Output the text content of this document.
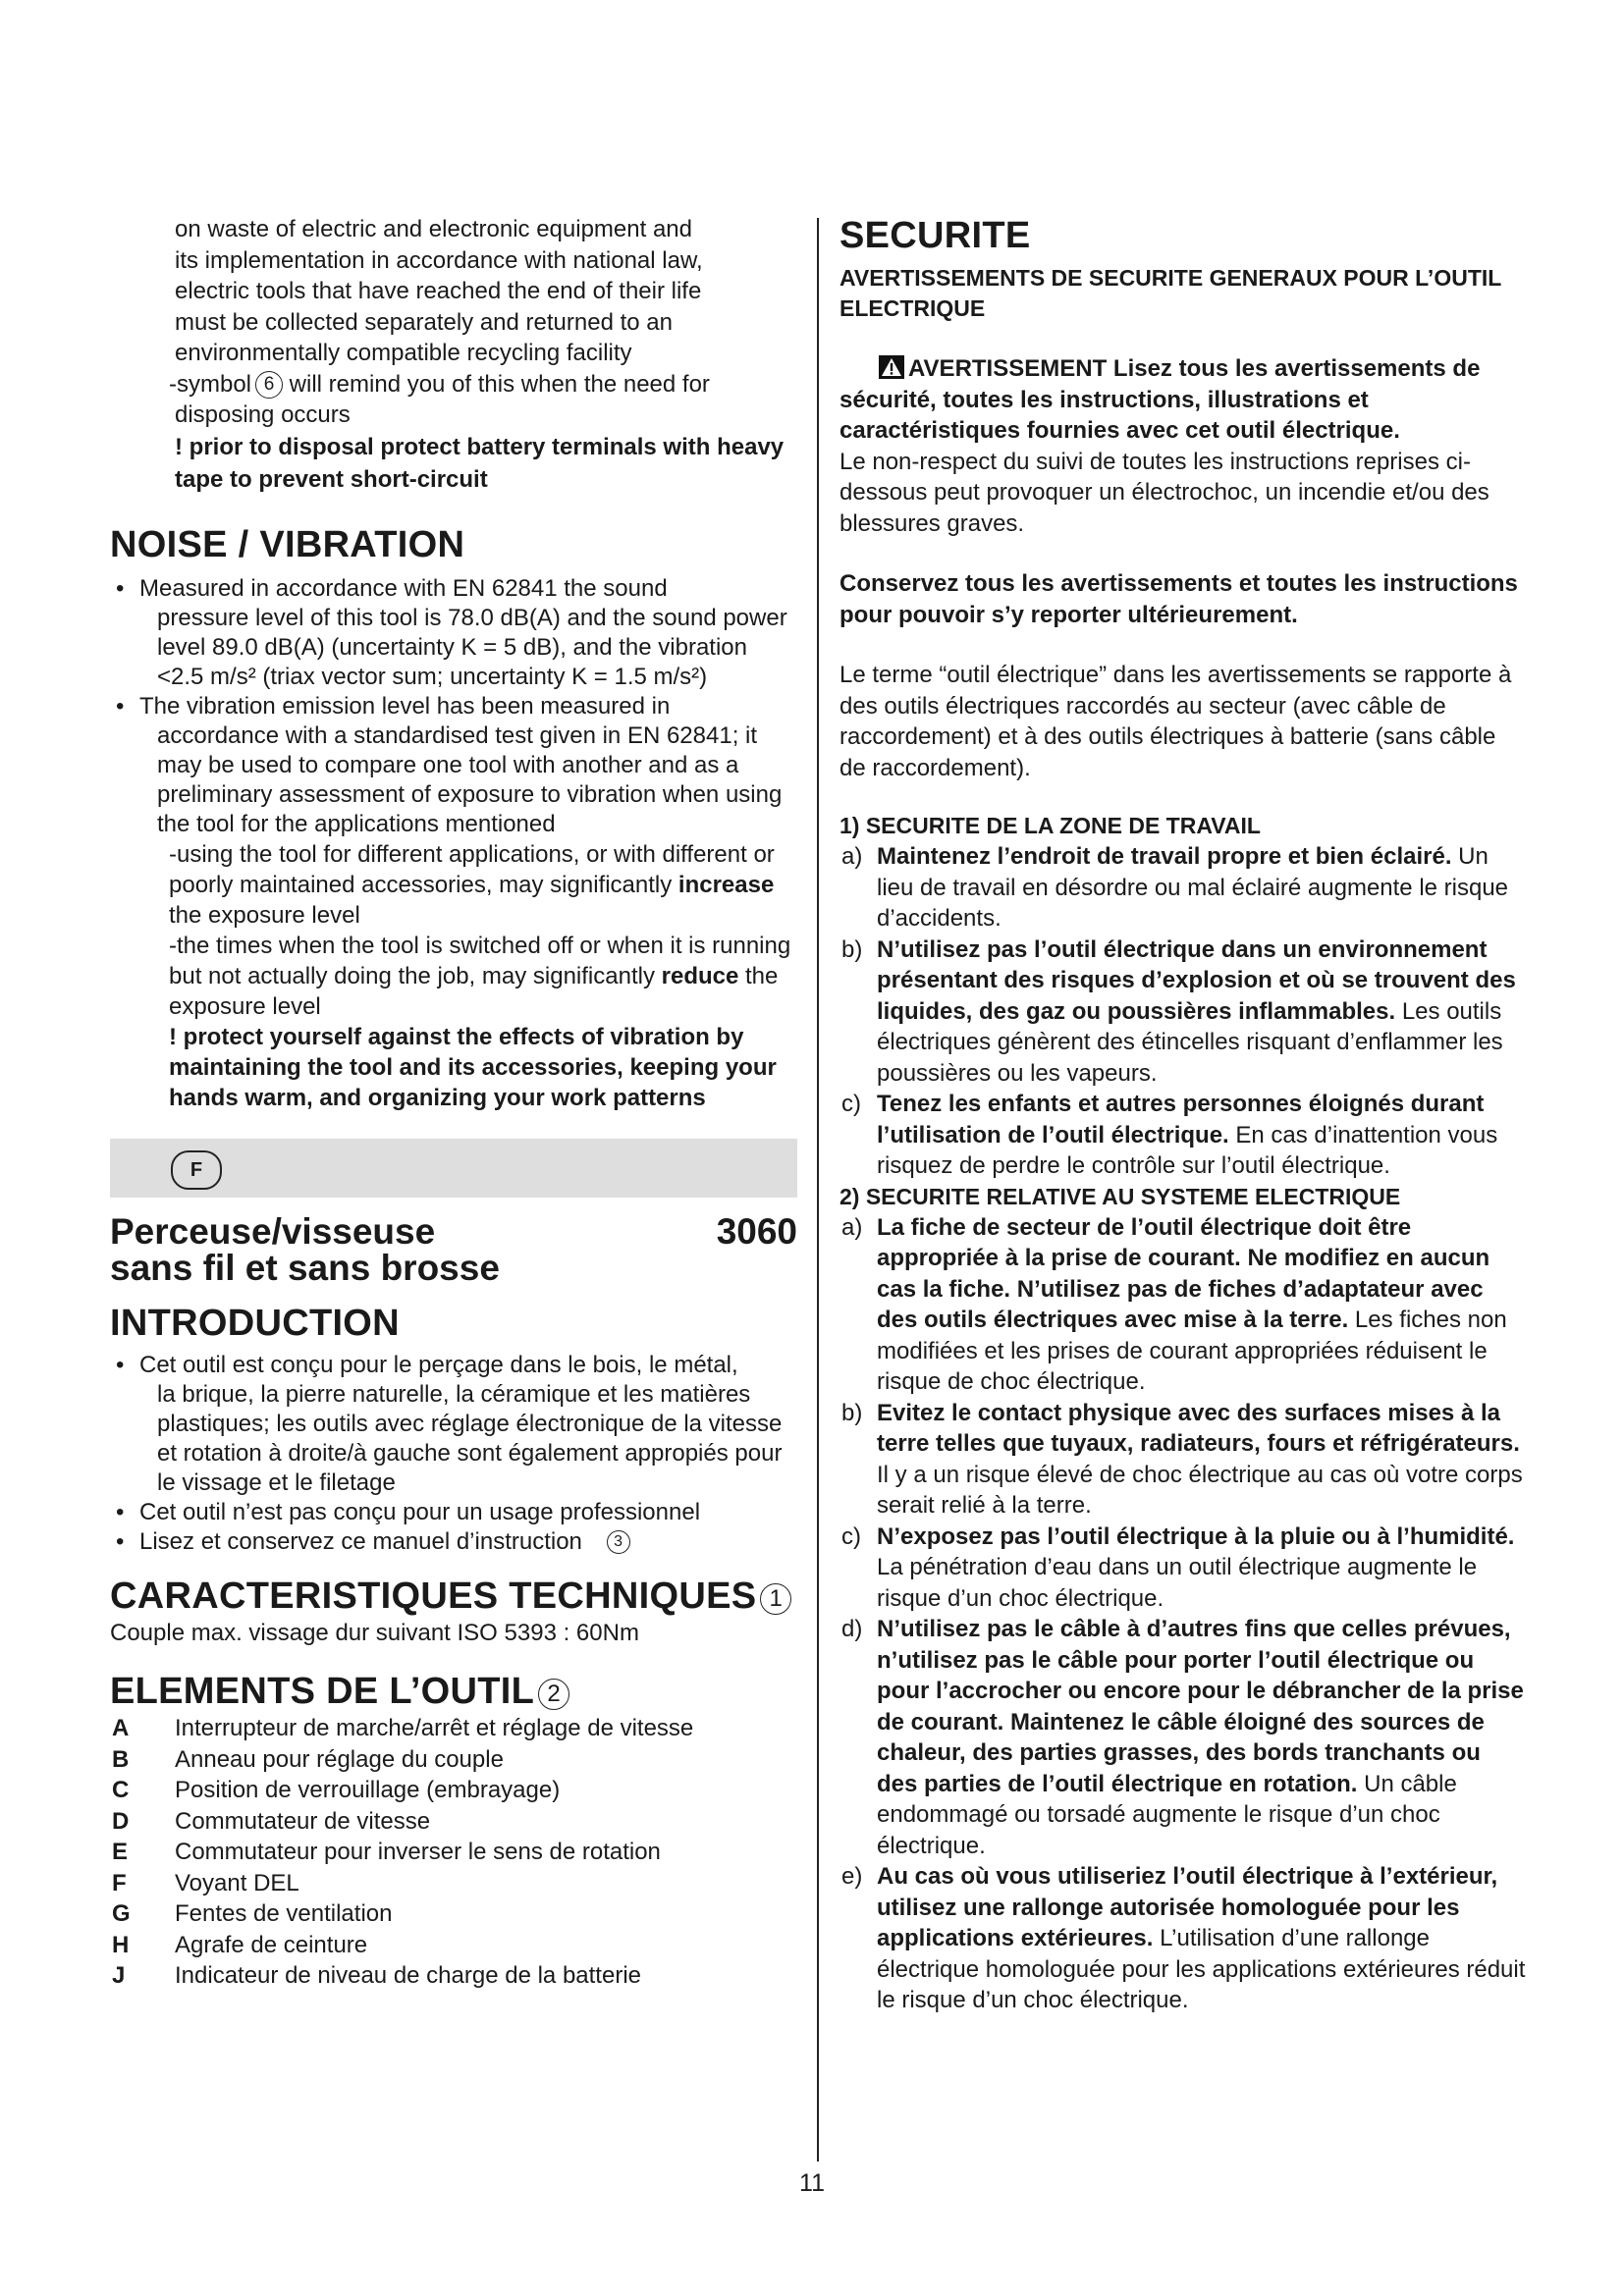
on waste of electric and electronic equipment and

its implementation in accordance with national law,

electric tools that have reached the end of their life

must be collected separately and returned to an

environmentally compatible recycling facility

-symbol 6 will remind you of this when the need for

disposing occurs

! prior to disposal protect battery terminals with heavy tape to prevent short-circuit

NOISE / VIBRATION
• Measured in accordance with EN 62841 the sound
pressure level of this tool is 78.0 dB(A) and the sound power level 89.0 dB(A) (uncertainty K = 5 dB), and the vibration <2.5 m/s² (triax vector sum; uncertainty K = 1.5 m/s²)
• The vibration emission level has been measured in
accordance with a standardised test given in EN 62841; it may be used to compare one tool with another and as a preliminary assessment of exposure to vibration when using the tool for the applications mentioned
-using the tool for different applications, or with different or poorly maintained accessories, may significantly increase the exposure level
-the times when the tool is switched off or when it is running but not actually doing the job, may significantly reduce the exposure level
! protect yourself against the effects of vibration by maintaining the tool and its accessories, keeping your hands warm, and organizing your work patterns
F
Perceuse/visseuse sans fil et sans brosse
3060
INTRODUCTION
• Cet outil est conçu pour le perçage dans le bois, le métal,
la brique, la pierre naturelle, la céramique et les matières plastiques; les outils avec réglage électronique de la vitesse et rotation à droite/à gauche sont également appropiés pour le vissage et le filetage
• Cet outil n’est pas conçu pour un usage professionnel
• Lisez et conservez ce manuel d’instruction 3
CARACTERISTIQUES TECHNIQUES 1

Couple max. vissage dur suivant ISO 5393 : 60Nm

ELEMENTS DE L’OUTIL 2
A	Interrupteur de marche/arrêt et réglage de vitesse
B	Anneau pour réglage du couple
C	Position de verrouillage (embrayage)
D	Commutateur de vitesse
E	Commutateur pour inverser le sens de rotation
F	Voyant DEL
G	Fentes de ventilation
H	Agrafe de ceinture
J	Indicateur de niveau de charge de la batterie
SECURITE
AVERTISSEMENTS DE SECURITE GENERAUX POUR L’OUTIL ELECTRIQUE

AVERTISSEMENT Lisez tous les avertissements de sécurité, toutes les instructions, illustrations et caractéristiques fournies avec cet outil électrique.

Le non-respect du suivi de toutes les instructions reprises ci-dessous peut provoquer un électrochoc, un incendie et/ou des blessures graves.

Conservez tous les avertissements et toutes les instructions pour pouvoir s’y reporter ultérieurement.

Le terme “outil électrique” dans les avertissements se rapporte à des outils électriques raccordés au secteur (avec câble de raccordement) et à des outils électriques à batterie (sans câble de raccordement).

1) SECURITE DE LA ZONE DE TRAVAIL

a) Maintenez l’endroit de travail propre et bien éclairé. Un lieu de travail en désordre ou mal éclairé augmente le risque d’accidents.
b) N’utilisez pas l’outil électrique dans un environnement présentant des risques d’explosion et où se trouvent des liquides, des gaz ou poussières inflammables. Les outils électriques génèrent des étincelles risquant d’enflammer les poussières ou les vapeurs.
c) Tenez les enfants et autres personnes éloignés durant l’utilisation de l’outil électrique. En cas d’inattention vous risquez de perdre le contrôle sur l’outil électrique.

2) SECURITE RELATIVE AU SYSTEME ELECTRIQUE

a) La fiche de secteur de l’outil électrique doit être appropriée à la prise de courant. Ne modifiez en aucun cas la fiche. N’utilisez pas de fiches d’adaptateur avec des outils électriques avec mise à la terre. Les fiches non modifiées et les prises de courant appropriées réduisent le risque de choc électrique.
b) Evitez le contact physique avec des surfaces mises à la terre telles que tuyaux, radiateurs, fours et réfrigérateurs. Il y a un risque élevé de choc électrique au cas où votre corps serait relié à la terre.
c) N’exposez pas l’outil électrique à la pluie ou à l’humidité. La pénétration d’eau dans un outil électrique augmente le risque d’un choc électrique.
d) N’utilisez pas le câble à d’autres fins que celles prévues, n’utilisez pas le câble pour porter l’outil électrique ou pour l’accrocher ou encore pour le débrancher de la prise de courant. Maintenez le câble éloigné des sources de chaleur, des parties grasses, des bords tranchants ou des parties de l’outil électrique en rotation. Un câble endommagé ou torsadé augmente le risque d’un choc électrique.
e) Au cas où vous utiliseriez l’outil électrique à l’extérieur, utilisez une rallonge autorisée homologuée pour les applications extérieures. L’utilisation d’une rallonge électrique homologuée pour les applications extérieures réduit le risque d’un choc électrique.
11
